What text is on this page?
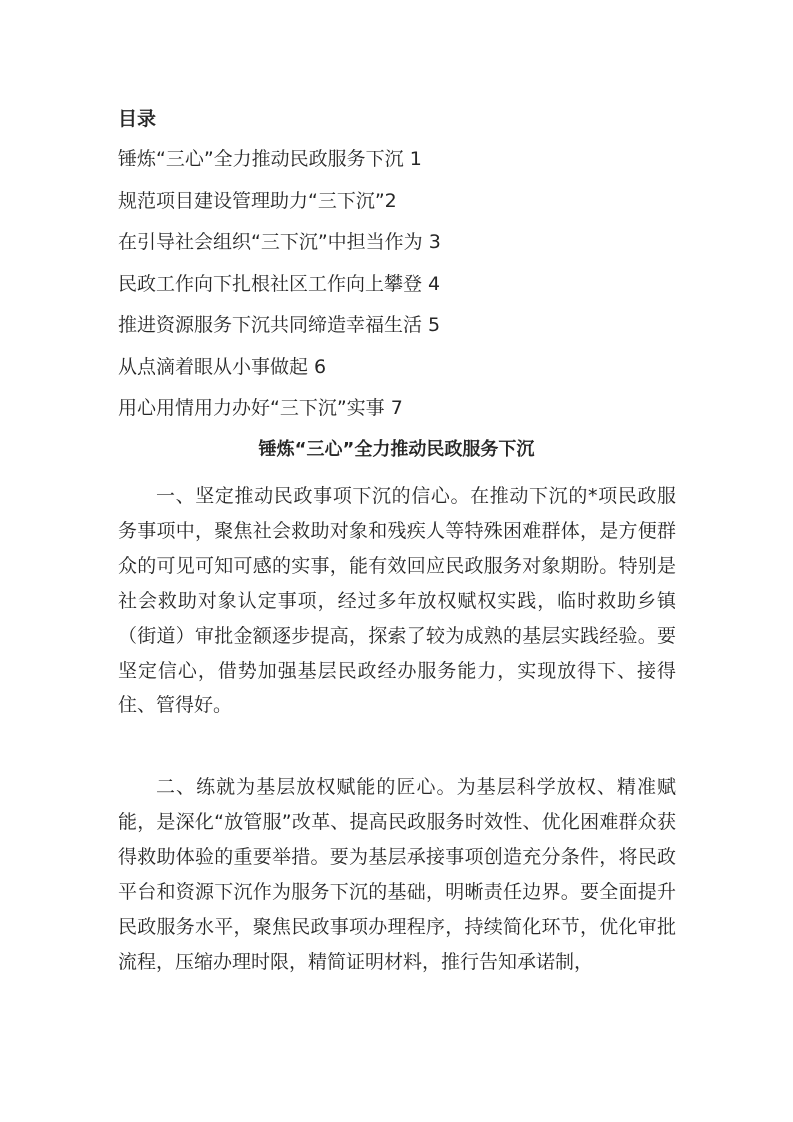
目录
锤炼“三心”全力推动民政服务下沉 1
规范项目建设管理助力“三下沉”2
在引导社会组织“三下沉”中担当作为 3
民政工作向下扎根社区工作向上攀登 4
推进资源服务下沉共同缔造幸福生活 5
从点滴着眼从小事做起 6
用心用情用力办好“三下沉”实事 7
锤炼“三心”全力推动民政服务下沉

一、坚定推动民政事项下沉的信心。在推动下沉的*项民政服务事项中，聚焦社会救助对象和残疾人等特殊困难群体，是方便群众的可见可知可感的实事，能有效回应民政服务对象期盼。特别是社会救助对象认定事项，经过多年放权赋权实践，临时救助乡镇（街道）审批金额逐步提高，探索了较为成熟的基层实践经验。要坚定信心，借势加强基层民政经办服务能力，实现放得下、接得住、管得好。

二、练就为基层放权赋能的匠心。为基层科学放权、精准赋能，是深化“放管服”改革、提高民政服务时效性、优化困难群众获得救助体验的重要举措。要为基层承接事项创造充分条件，将民政平台和资源下沉作为服务下沉的基础，明晰责任边界。要全面提升民政服务水平，聚焦民政事项办理程序，持续简化环节，优化审批流程，压缩办理时限，精简证明材料，推行告知承诺制，
